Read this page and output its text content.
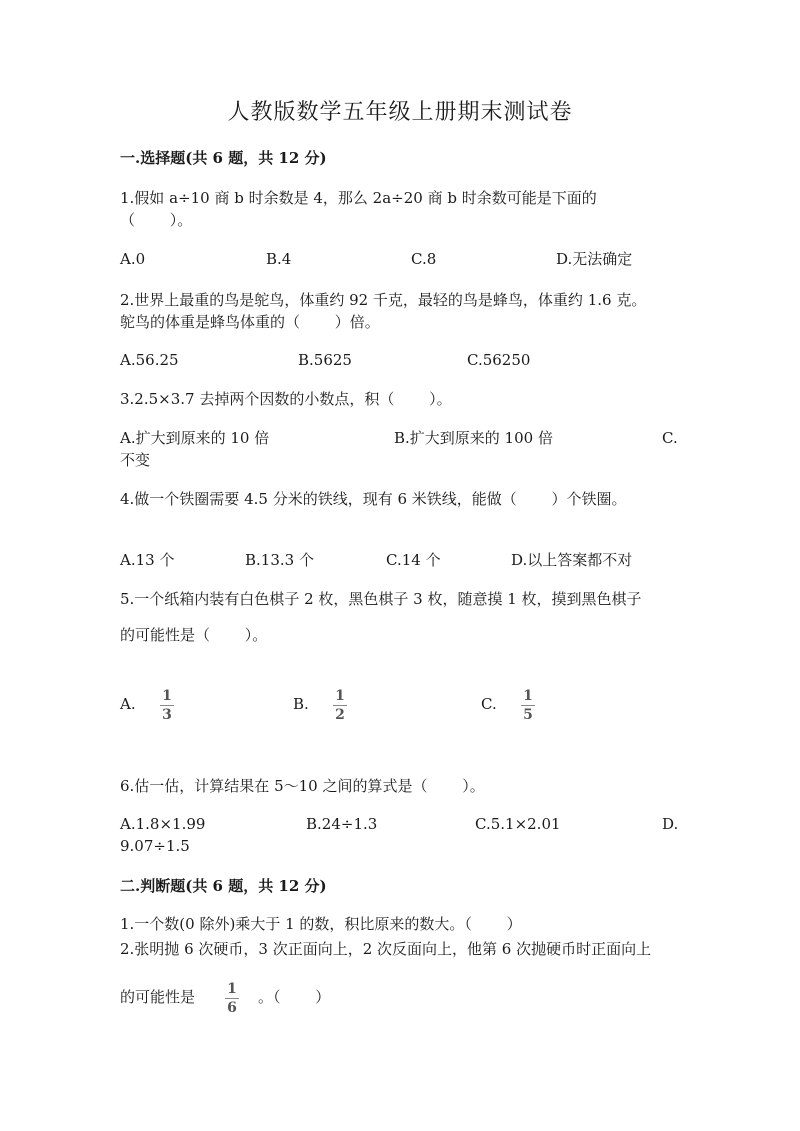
人教版数学五年级上册期末测试卷
一.选择题(共 6 题，共 12 分)
1.假如 a÷10 商 b 时余数是 4，那么 2a÷20 商 b 时余数可能是下面的
（　　 ）。
A.0	B.4	C.8	D.无法确定
2.世界上最重的鸟是鸵鸟，体重约 92 千克，最轻的鸟是蜂鸟，体重约 1.6 克。
鸵鸟的体重是蜂鸟体重的（　　 ）倍。
A.56.25	B.5625	C.56250
3.2.5×3.7 去掉两个因数的小数点，积（　　 ）。
A.扩大到原来的 10 倍	B.扩大到原来的 100 倍	C.
不变
4.做一个铁圈需要 4.5 分米的铁线，现有 6 米铁线，能做（　　 ）个铁圈。
A.13 个	B.13.3 个	C.14 个	D.以上答案都不对
5.一个纸箱内装有白色棋子 2 枚，黑色棋子 3 枚，随意摸 1 枚，摸到黑色棋子
的可能性是（　　 ）。
A. 1
3
B. 1
2
C. 1
5
6.估一估，计算结果在 5～10 之间的算式是（　　 ）。
A.1.8×1.99	B.24÷1.3	C.5.1×2.01	D.
9.07÷1.5
二.判断题(共 6 题，共 12 分)
1.一个数(0 除外)乘大于 1 的数，积比原来的数大。（　　 ）
2.张明抛 6 次硬币，3 次正面向上，2 次反面向上，他第 6 次抛硬币时正面向上
的可能性是 1
6
。（　　 ）
